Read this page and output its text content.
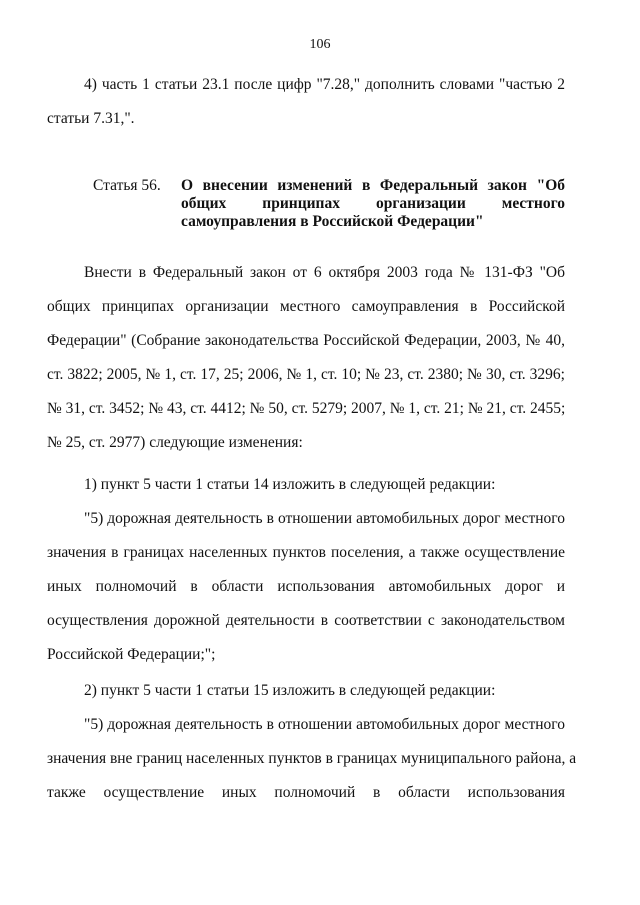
106
4) часть 1 статьи 23.1 после цифр "7.28," дополнить словами "частью 2
статьи 7.31,".
Статья 56.	О внесении изменений в Федеральный закон "Об
общих принципах организации местного
самоуправления в Российской Федерации"
Внести в Федеральный закон от 6 октября 2003 года № 131-ФЗ "Об
общих принципах организации местного самоуправления в Российской
Федерации" (Собрание законодательства Российской Федерации, 2003, № 40,
ст. 3822; 2005, № 1, ст. 17, 25; 2006, № 1, ст. 10; № 23, ст. 2380; № 30, ст. 3296;
№ 31, ст. 3452; № 43, ст. 4412; № 50, ст. 5279; 2007, № 1, ст. 21; № 21, ст. 2455;
№ 25, ст. 2977) следующие изменения:
1) пункт 5 части 1 статьи 14 изложить в следующей редакции:
"5) дорожная деятельность в отношении автомобильных дорог местного
значения в границах населенных пунктов поселения, а также осуществление
иных полномочий в области использования автомобильных дорог и
осуществления дорожной деятельности в соответствии с законодательством
Российской Федерации;";
2) пункт 5 части 1 статьи 15 изложить в следующей редакции:
"5) дорожная деятельность в отношении автомобильных дорог местного
значения вне границ населенных пунктов в границах муниципального района, а
также осуществление иных полномочий в области использования
